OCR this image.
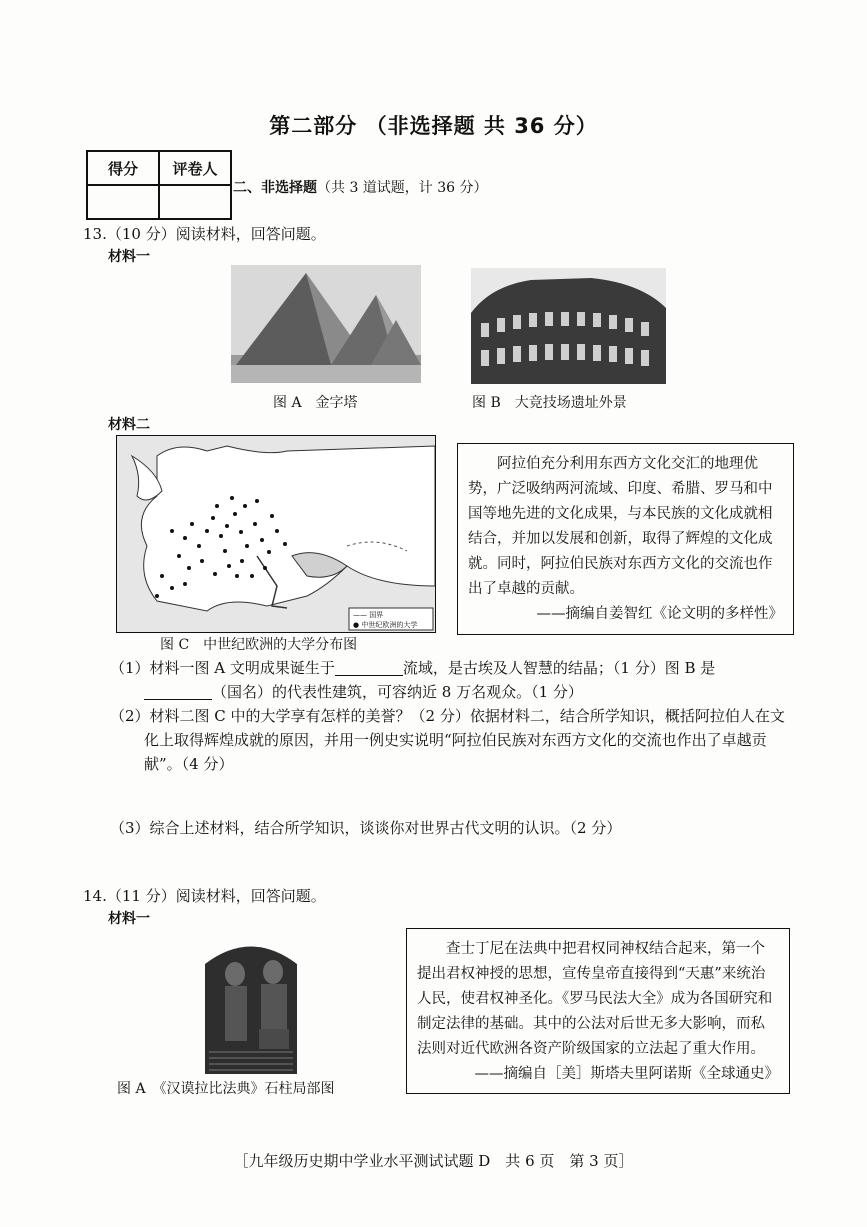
第二部分 （非选择题 共 36 分）
得分	评卷人

二、非选择题（共 3 道试题，计 36 分）
13.（10 分）阅读材料，回答问题。
材料一
图 A　金字塔	图 B　大竞技场遗址外景
材料二
—— 国界
● 中世纪欧洲的大学
图 C　中世纪欧洲的大学分布图

阿拉伯充分利用东西方文化交汇的地理优势，广泛吸纳两河流域、印度、希腊、罗马和中国等地先进的文化成果，与本民族的文化成就相结合，并加以发展和创新，取得了辉煌的文化成就。同时，阿拉伯民族对东西方文化的交流也作出了卓越的贡献。

——摘编自姜智红《论文明的多样性》

（1）材料一图 A 文明成果诞生于	流域，是古埃及人智慧的结晶；（1 分）图 B 是
（国名）的代表性建筑，可容纳近 8 万名观众。（1 分）
（2）材料二图 C 中的大学享有怎样的美誉？（2 分）依据材料二，结合所学知识，概括阿拉伯人在文化上取得辉煌成就的原因，并用一例史实说明“阿拉伯民族对东西方文化的交流也作出了卓越贡献”。（4 分）
（3）综合上述材料，结合所学知识，谈谈你对世界古代文明的认识。（2 分）
14.（11 分）阅读材料，回答问题。
材料一
图 A　《汉谟拉比法典》石柱局部图

查士丁尼在法典中把君权同神权结合起来，第一个提出君权神授的思想，宣传皇帝直接得到“天惠”来统治人民，使君权神圣化。《罗马民法大全》成为各国研究和制定法律的基础。其中的公法对后世无多大影响，而私法则对近代欧洲各资产阶级国家的立法起了重大作用。

——摘编自［美］斯塔夫里阿诺斯《全球通史》

［九年级历史期中学业水平测试试题 D　共 6 页　第 3 页］
